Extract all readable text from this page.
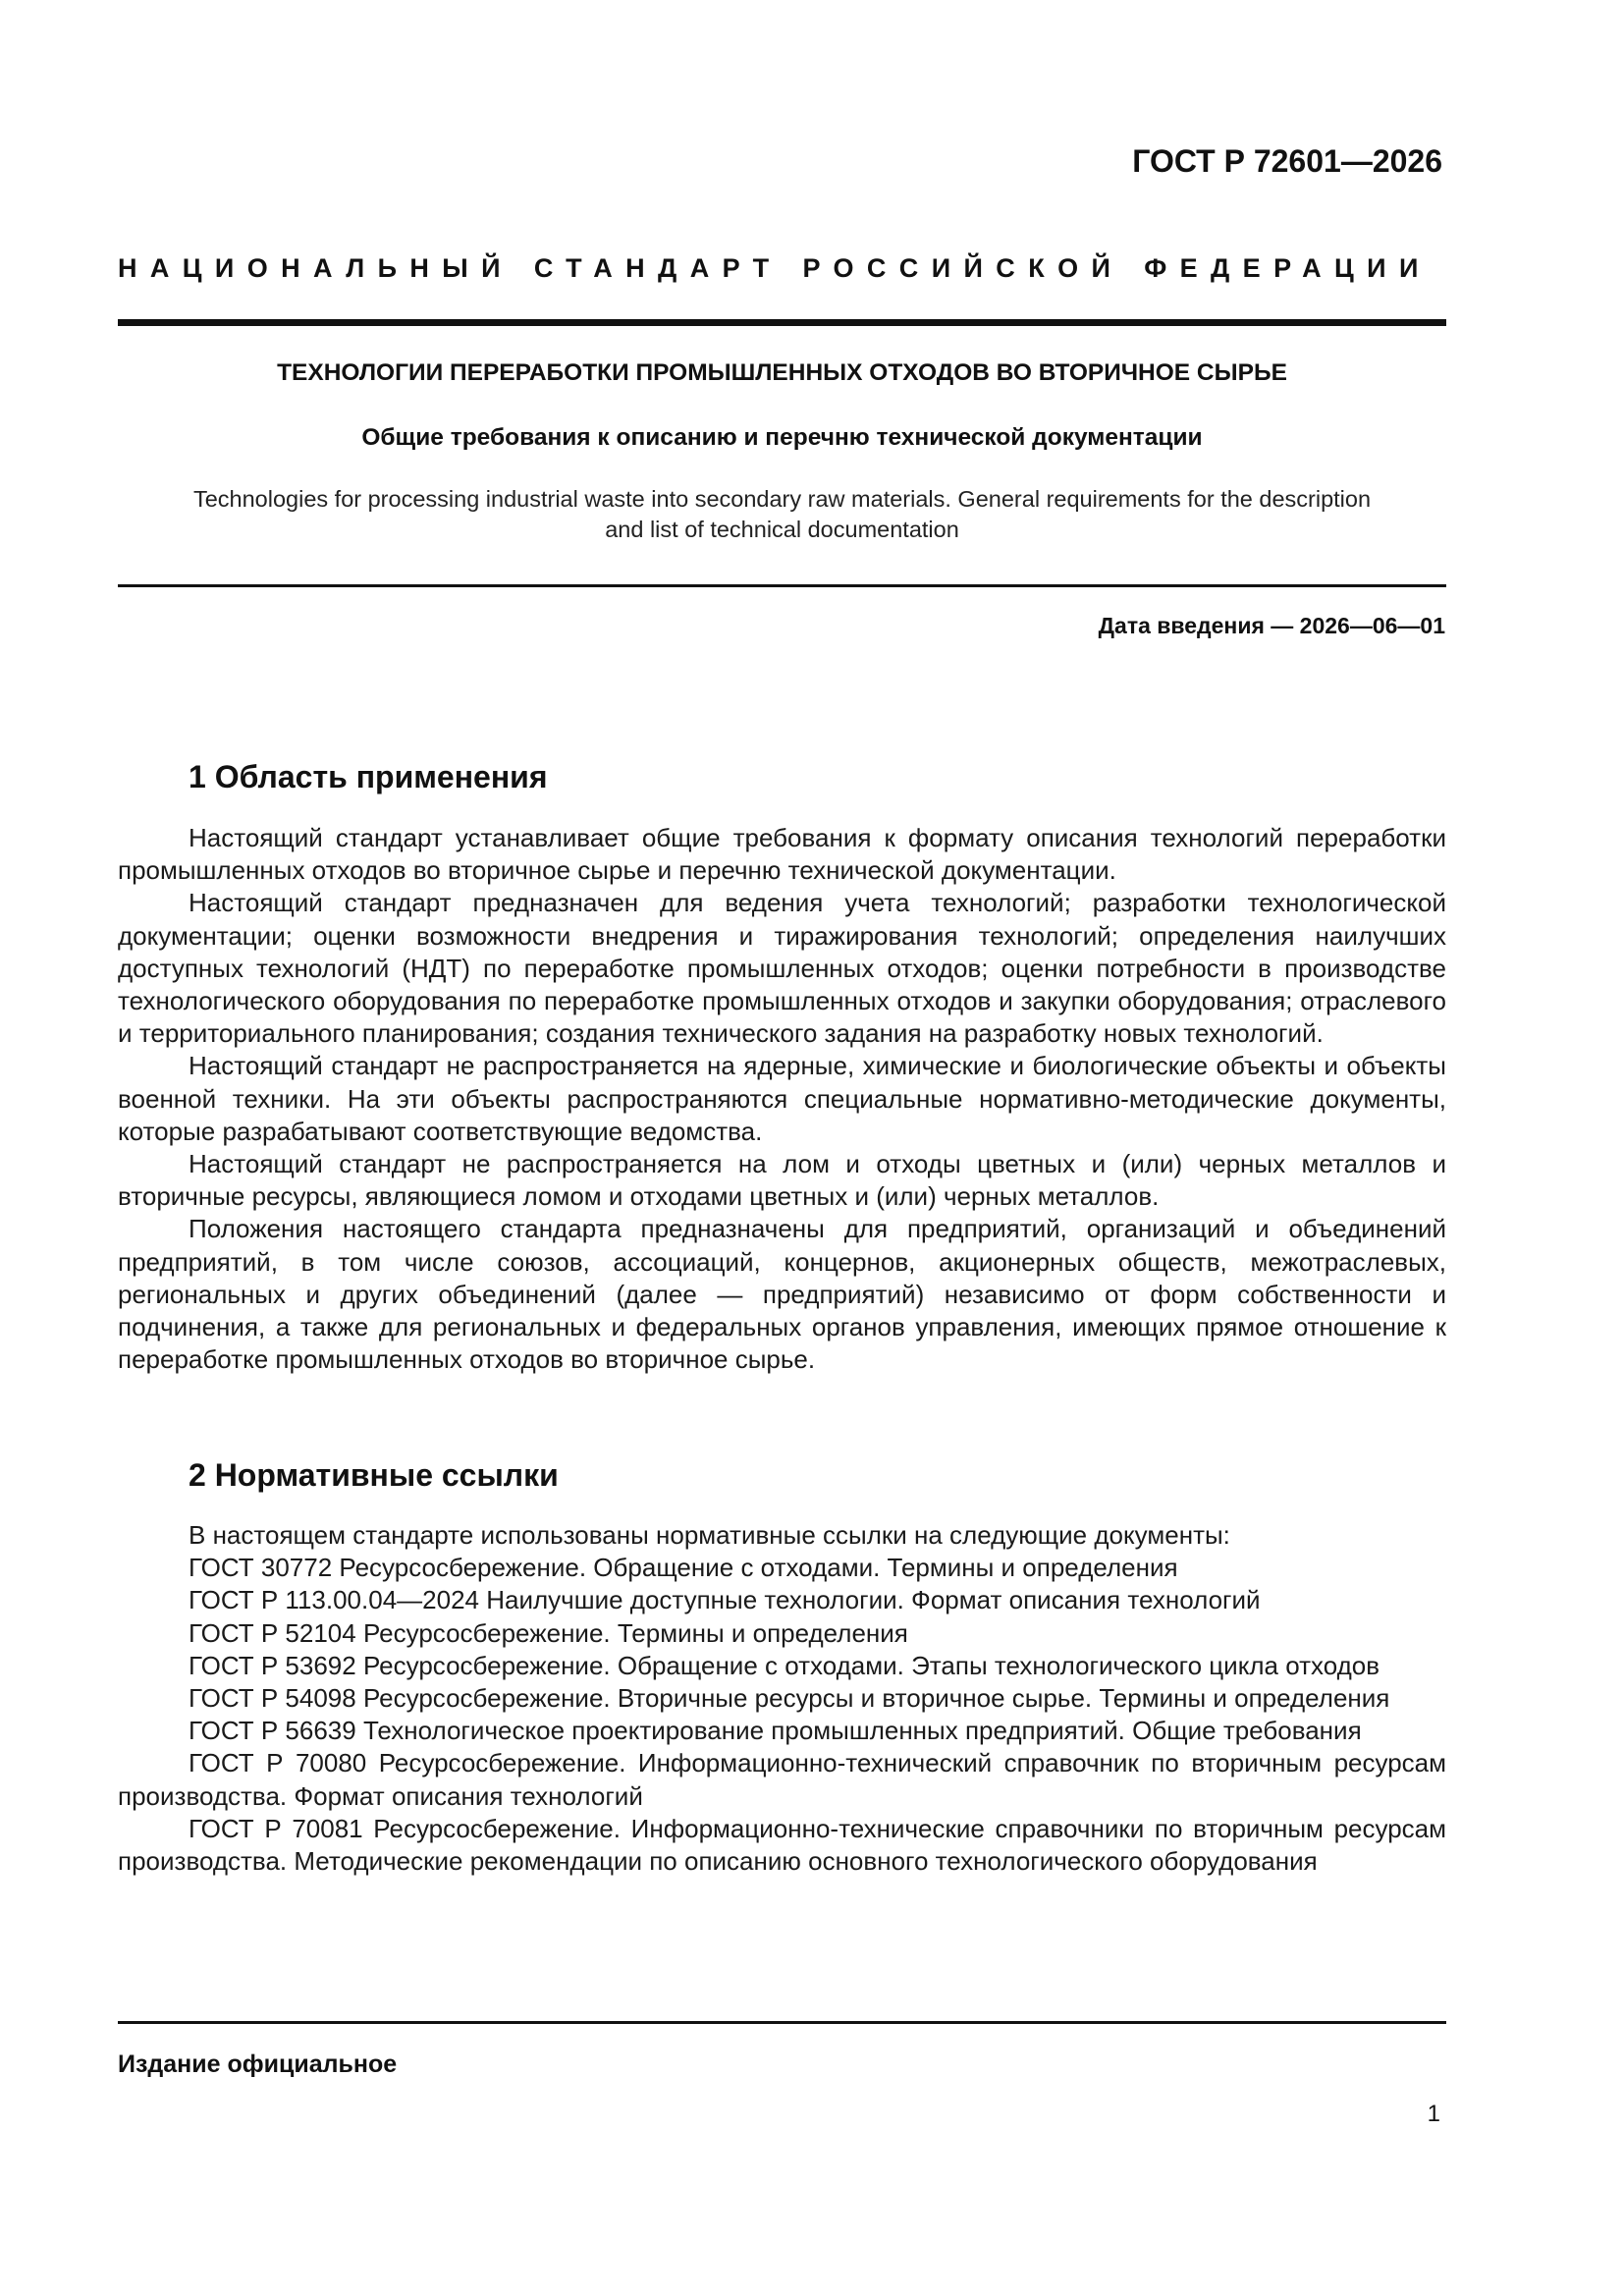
ГОСТ Р 72601—2026
НАЦИОНАЛЬНЫЙ СТАНДАРТ РОССИЙСКОЙ ФЕДЕРАЦИИ
ТЕХНОЛОГИИ ПЕРЕРАБОТКИ ПРОМЫШЛЕННЫХ ОТХОДОВ ВО ВТОРИЧНОЕ СЫРЬЕ
Общие требования к описанию и перечню технической документации
Technologies for processing industrial waste into secondary raw materials. General requirements for the description
and list of technical documentation
Дата введения — 2026—06—01
1 Область применения

Настоящий стандарт устанавливает общие требования к формату описания технологий переработки промышленных отходов во вторичное сырье и перечню технической документации.

Настоящий стандарт предназначен для ведения учета технологий; разработки технологической документации; оценки возможности внедрения и тиражирования технологий; определения наилучших доступных технологий (НДТ) по переработке промышленных отходов; оценки потребности в производстве технологического оборудования по переработке промышленных отходов и закупки оборудования; отраслевого и территориального планирования; создания технического задания на разработку новых технологий.

Настоящий стандарт не распространяется на ядерные, химические и биологические объекты и объекты военной техники. На эти объекты распространяются специальные нормативно-методические документы, которые разрабатывают соответствующие ведомства.

Настоящий стандарт не распространяется на лом и отходы цветных и (или) черных металлов и вторичные ресурсы, являющиеся ломом и отходами цветных и (или) черных металлов.

Положения настоящего стандарта предназначены для предприятий, организаций и объединений предприятий, в том числе союзов, ассоциаций, концернов, акционерных обществ, межотраслевых, региональных и других объединений (далее — предприятий) независимо от форм собственности и подчинения, а также для региональных и федеральных органов управления, имеющих прямое отношение к переработке промышленных отходов во вторичное сырье.

2 Нормативные ссылки

В настоящем стандарте использованы нормативные ссылки на следующие документы:

ГОСТ 30772 Ресурсосбережение. Обращение с отходами. Термины и определения

ГОСТ Р 113.00.04—2024 Наилучшие доступные технологии. Формат описания технологий

ГОСТ Р 52104 Ресурсосбережение. Термины и определения

ГОСТ Р 53692 Ресурсосбережение. Обращение с отходами. Этапы технологического цикла отходов

ГОСТ Р 54098 Ресурсосбережение. Вторичные ресурсы и вторичное сырье. Термины и определения

ГОСТ Р 56639 Технологическое проектирование промышленных предприятий. Общие требования

ГОСТ Р 70080 Ресурсосбережение. Информационно-технический справочник по вторичным ресурсам производства. Формат описания технологий

ГОСТ Р 70081 Ресурсосбережение. Информационно-технические справочники по вторичным ресурсам производства. Методические рекомендации по описанию основного технологического оборудования

Издание официальное
1
